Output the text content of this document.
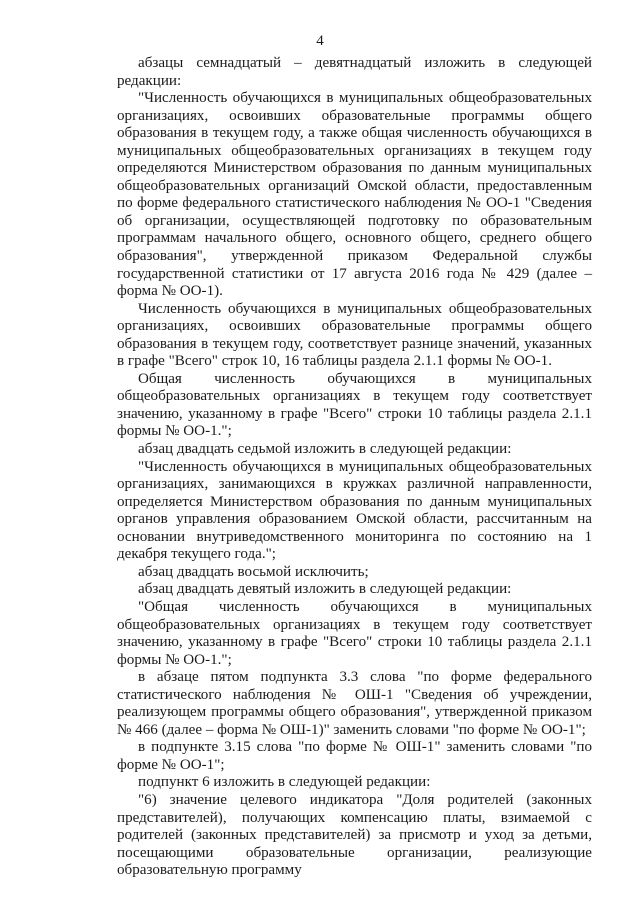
4

абзацы семнадцатый – девятнадцатый изложить в следующей редакции:

"Численность обучающихся в муниципальных общеобразовательных организациях, освоивших образовательные программы общего образования в текущем году, а также общая численность обучающихся в муниципальных общеобразовательных организациях в текущем году определяются Министерством образования по данным муниципальных общеобразовательных организаций Омской области, предоставленным по форме федерального статистического наблюдения № ОО-1 "Сведения об организации, осуществляющей подготовку по образовательным программам начального общего, основного общего, среднего общего образования", утвержденной приказом Федеральной службы государственной статистики от 17 августа 2016 года № 429 (далее – форма № ОО-1).

Численность обучающихся в муниципальных общеобразовательных организациях, освоивших образовательные программы общего образования в текущем году, соответствует разнице значений, указанных в графе "Всего" строк 10, 16 таблицы раздела 2.1.1 формы № ОО-1.

Общая численность обучающихся в муниципальных общеобразовательных организациях в текущем году соответствует значению, указанному в графе "Всего" строки 10 таблицы раздела 2.1.1 формы № ОО-1.";

абзац двадцать седьмой изложить в следующей редакции:

"Численность обучающихся в муниципальных общеобразовательных организациях, занимающихся в кружках различной направленности, определяется Министерством образования по данным муниципальных органов управления образованием Омской области, рассчитанным на основании внутриведомственного мониторинга по состоянию на 1 декабря текущего года.";

абзац двадцать восьмой исключить;

абзац двадцать девятый изложить в следующей редакции:

"Общая численность обучающихся в муниципальных общеобразовательных организациях в текущем году соответствует значению, указанному в графе "Всего" строки 10 таблицы раздела 2.1.1 формы № ОО-1.";

в абзаце пятом подпункта 3.3 слова "по форме федерального статистического наблюдения № ОШ-1 "Сведения об учреждении, реализующем программы общего образования", утвержденной приказом № 466 (далее – форма № ОШ-1)" заменить словами "по форме № ОО-1";

в подпункте 3.15 слова "по форме № ОШ-1" заменить словами "по форме № ОО-1";

подпункт 6 изложить в следующей редакции:

"6) значение целевого индикатора "Доля родителей (законных представителей), получающих компенсацию платы, взимаемой с родителей (законных представителей) за присмотр и уход за детьми, посещающими образовательные организации, реализующие образовательную программу
